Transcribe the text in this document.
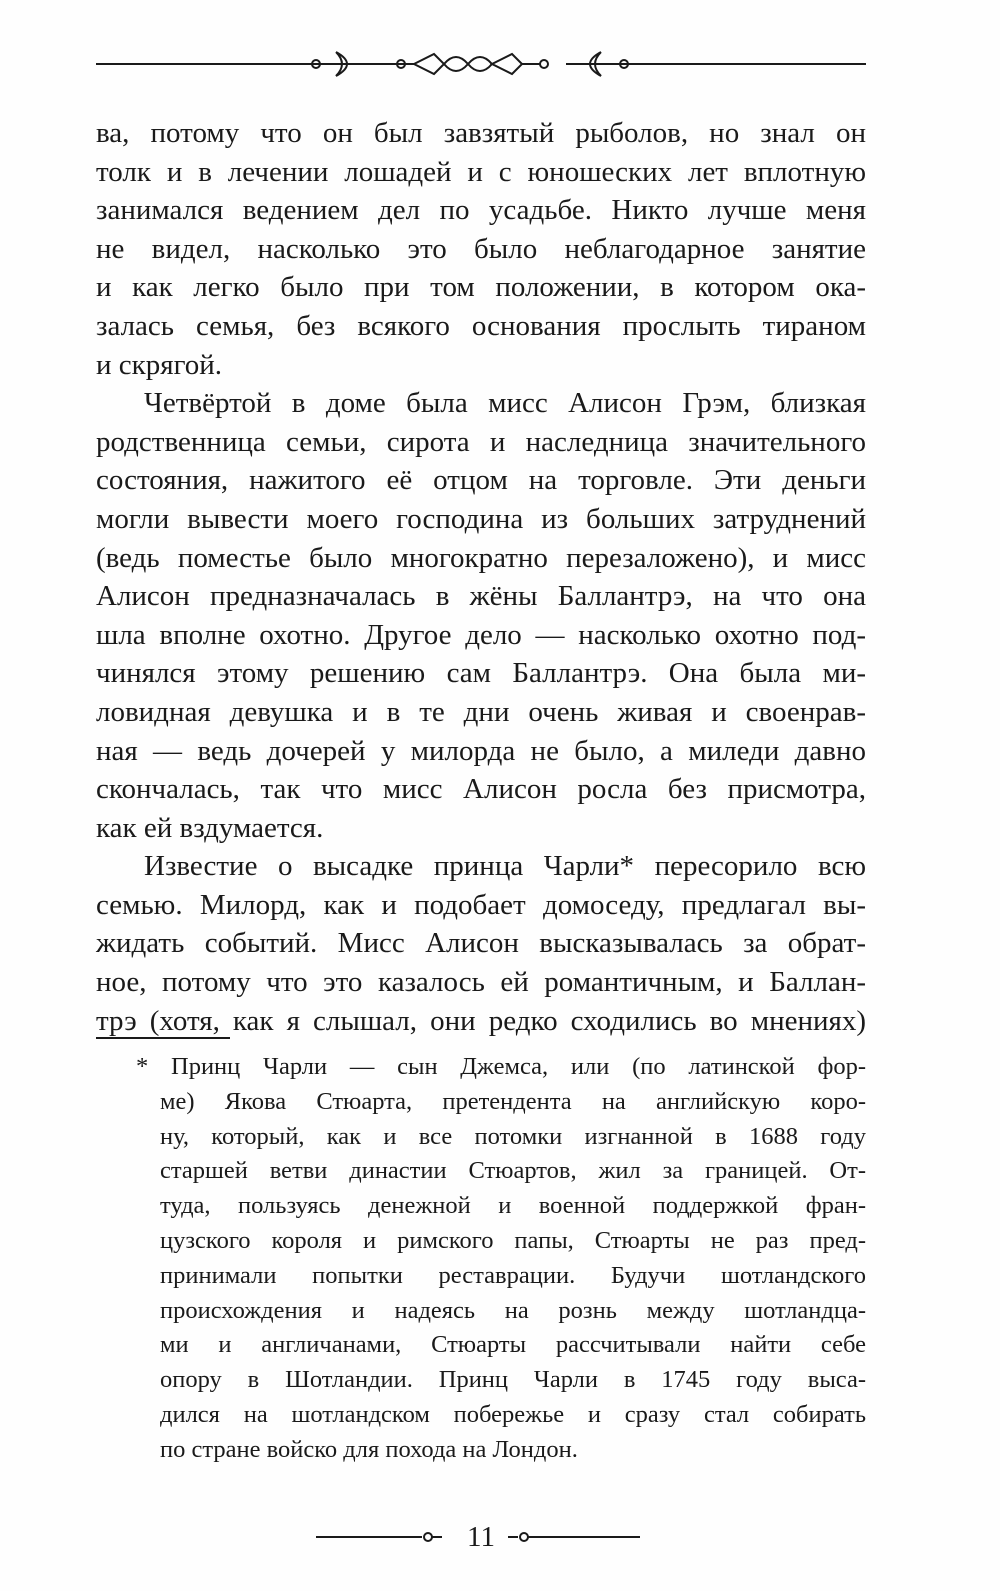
ва, потому что он был завзятый рыболов, но знал он
толк и в лечении лошадей и с юношеских лет вплотную
занимался ведением дел по усадьбе. Никто лучше меня
не видел, насколько это было неблагодарное занятие
и как легко было при том положении, в котором ока-
залась семья, без всякого основания прослыть тираном
и скрягой.
Четвёртой в доме была мисс Алисон Грэм, близкая
родственница семьи, сирота и наследница значительного
состояния, нажитого её отцом на торговле. Эти деньги
могли вывести моего господина из больших затруднений
(ведь поместье было многократно перезаложено), и мисс
Алисон предназначалась в жёны Баллантрэ, на что она
шла вполне охотно. Другое дело — насколько охотно под-
чинялся этому решению сам Баллантрэ. Она была ми-
ловидная девушка и в те дни очень живая и своенрав-
ная — ведь дочерей у милорда не было, а миледи давно
скончалась, так что мисс Алисон росла без присмотра,
как ей вздумается.
Известие о высадке принца Чарли* пересорило всю
семью. Милорд, как и подобает домоседу, предлагал вы-
жидать событий. Мисс Алисон высказывалась за обрат-
ное, потому что это казалось ей романтичным, и Баллан-
трэ (хотя, как я слышал, они редко сходились во мнениях)
* Принц Чарли — сын Джемса, или (по латинской фор-
ме) Якова Стюарта, претендента на английскую коро-
ну, который, как и все потомки изгнанной в 1688 году
старшей ветви династии Стюартов, жил за границей. От-
туда, пользуясь денежной и военной поддержкой фран-
цузского короля и римского папы, Стюарты не раз пред-
принимали попытки реставрации. Будучи шотландского
происхождения и надеясь на рознь между шотландца-
ми и англичанами, Стюарты рассчитывали найти себе
опору в Шотландии. Принц Чарли в 1745 году выса-
дился на шотландском побережье и сразу стал собирать
по стране войско для похода на Лондон.
11
